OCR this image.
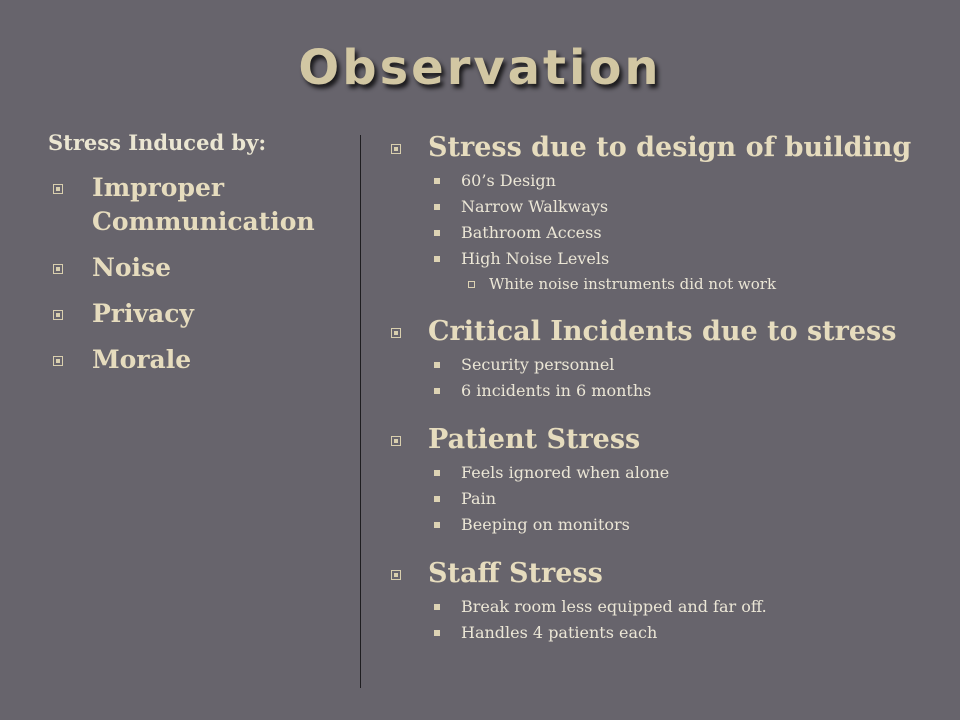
Observation
Stress Induced by:
Improper Communication
Noise
Privacy
Morale
Stress due to design of building
60’s Design
Narrow Walkways
Bathroom Access
High Noise Levels
White noise instruments did not work
Critical Incidents due to stress
Security personnel
6 incidents in 6 months
Patient Stress
Feels ignored when alone
Pain
Beeping on monitors
Staff Stress
Break room less equipped and far off.
Handles 4 patients each
